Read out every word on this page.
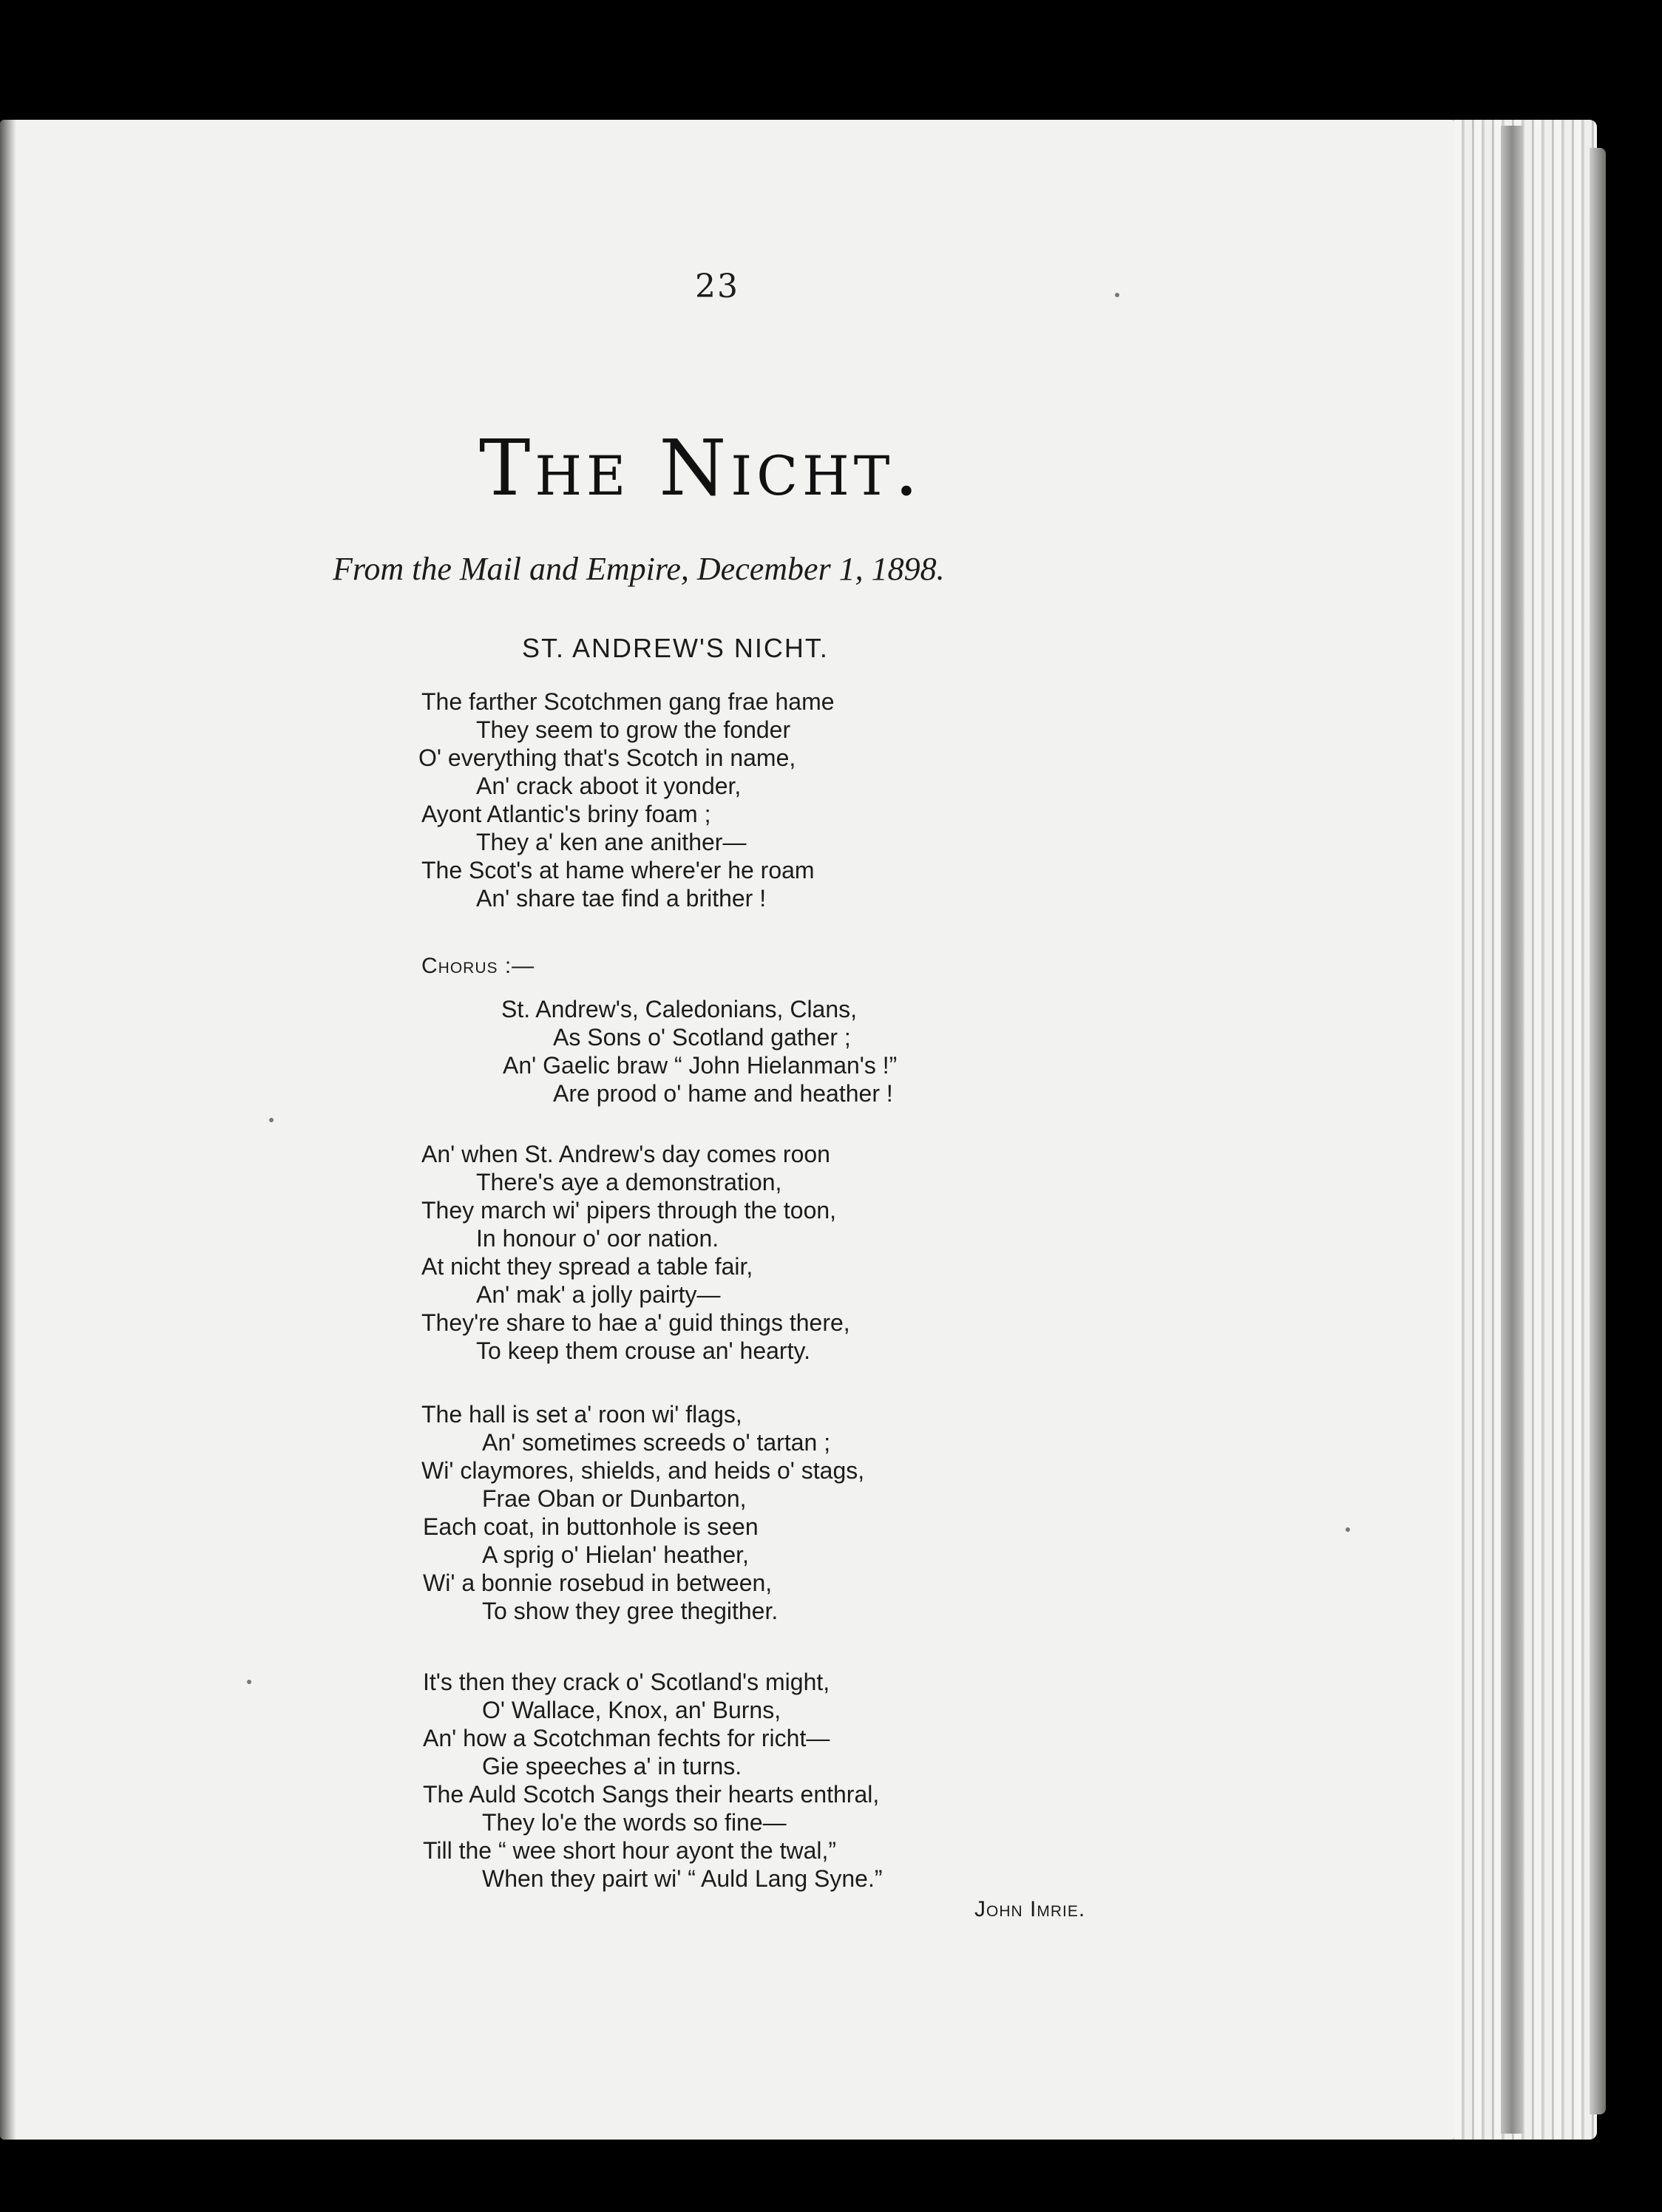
23
The Nicht.
From the Mail and Empire, December 1, 1898.
ST. ANDREW'S NICHT.
The farther Scotchmen gang frae hame
They seem to grow the fonder
O' everything that's Scotch in name,
An' crack aboot it yonder,
Ayont Atlantic's briny foam ;
They a' ken ane anither—
The Scot's at hame where'er he roam
An' share tae find a brither !
Chorus :—
St. Andrew's, Caledonians, Clans,
As Sons o' Scotland gather ;
An' Gaelic braw “ John Hielanman's !”
Are prood o' hame and heather !
An' when St. Andrew's day comes roon
There's aye a demonstration,
They march wi' pipers through the toon,
In honour o' oor nation.
At nicht they spread a table fair,
An' mak' a jolly pairty—
They're share to hae a' guid things there,
To keep them crouse an' hearty.
The hall is set a' roon wi' flags,
An' sometimes screeds o' tartan ;
Wi' claymores, shields, and heids o' stags,
Frae Oban or Dunbarton,
Each coat, in buttonhole is seen
A sprig o' Hielan' heather,
Wi' a bonnie rosebud in between,
To show they gree thegither.
It's then they crack o' Scotland's might,
O' Wallace, Knox, an' Burns,
An' how a Scotchman fechts for richt—
Gie speeches a' in turns.
The Auld Scotch Sangs their hearts enthral,
They lo'e the words so fine—
Till the “ wee short hour ayont the twal,”
When they pairt wi' “ Auld Lang Syne.”
John Imrie.
